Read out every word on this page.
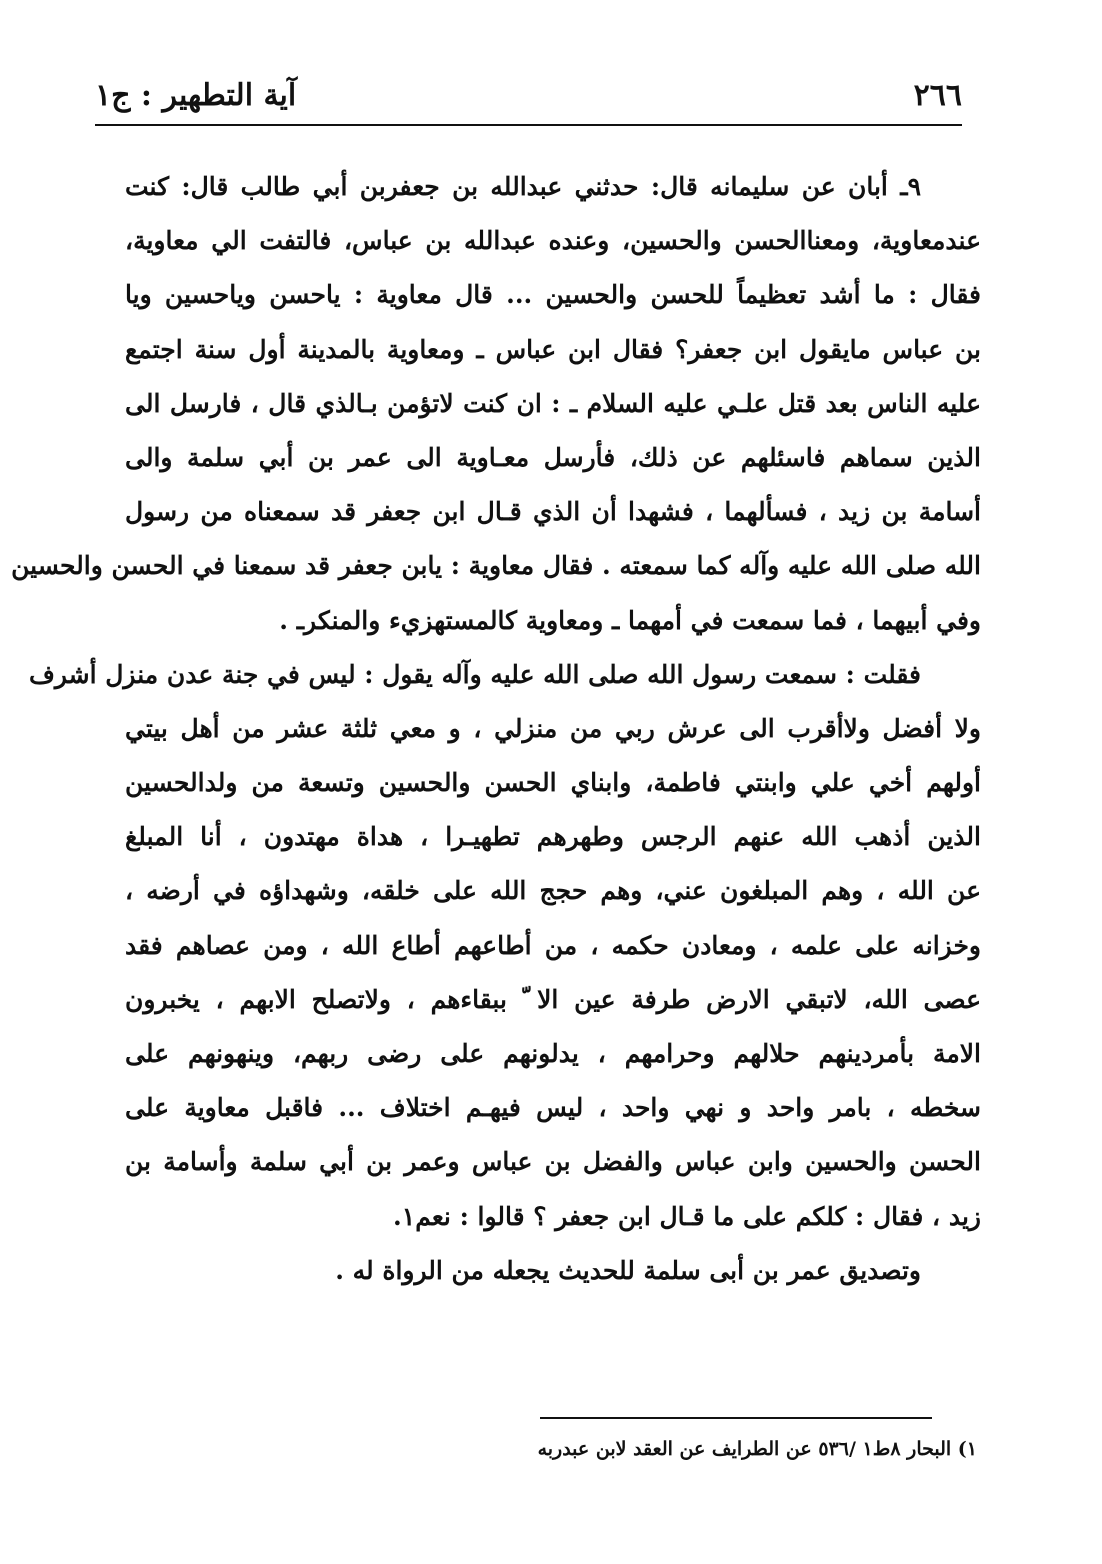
٢٦٦
آية التطهير : ج١
٩ـ أبان عن سليمانه قال: حدثني عبدالله بن جعفربن أبي طالب قال: كنت
عندمعاوية، ومعناالحسن والحسين، وعنده عبدالله بن عباس، فالتفت الي معاوية،
فقال : ما أشد تعظيماً للحسن والحسين ... قال معاوية : ياحسن وياحسين ويا
بن عباس مايقول ابن جعفر؟ فقال ابن عباس ـ ومعاوية بالمدينة أول سنة اجتمع
عليه الناس بعد قتل علـي عليه السلام ـ : ان كنت لاتؤمن بـالذي قال ، فارسل الى
الذين سماهم فاسئلهم عن ذلك، فأرسل معـاوية الى عمر بن أبي سلمة والى
أسامة بن زيد ، فسألهما ، فشهدا أن الذي قـال ابن جعفر قد سمعناه من رسول
الله صلى الله عليه وآله كما سمعته . فقال معاوية : يابن جعفر قد سمعنا في الحسن والحسين
وفي أبيهما ، فما سمعت في أمهما ـ ومعاوية كالمستهزيء والمنكرـ .
فقلت : سمعت رسول الله صلى الله عليه وآله يقول : ليس في جنة عدن منزل أشرف
ولا أفضل ولاأقرب الى عرش ربي من منزلي ، و معي ثلثة عشر من أهل بيتي
أولهم أخي علي وابنتي فاطمة، وابناي الحسن والحسين وتسعة من ولدالحسين
الذين أذهب الله عنهم الرجس وطهرهم تطهيـرا ، هداة مهتدون ، أنا المبلغ
عن الله ، وهم المبلغون عني، وهم حجج الله على خلقه، وشهداؤه في أرضه ،
وخزانه على علمه ، ومعادن حكمه ، من أطاعهم أطاع الله ، ومن عصاهم فقد
عصى الله، لاتبقي الارض طرفة عين الا ّ ببقاءهم ، ولاتصلح الابهم ، يخبرون
الامة بأمردينهم حلالهم وحرامهم ، يدلونهم على رضى ربهم، وينهونهم على
سخطه ، بامر واحد و نهي واحد ، ليس فيهـم اختلاف ... فاقبل معاوية على
الحسن والحسين وابن عباس والفضل بن عباس وعمر بن أبي سلمة وأسامة بن
زيد ، فقال : كلكم على ما قـال ابن جعفر ؟ قالوا : نعم١.
وتصديق عمر بن أبى سلمة للحديث يجعله من الرواة له .
١) البحار ٨ط١ /٥٣٦ عن الطرايف عن العقد لابن عبدربه
